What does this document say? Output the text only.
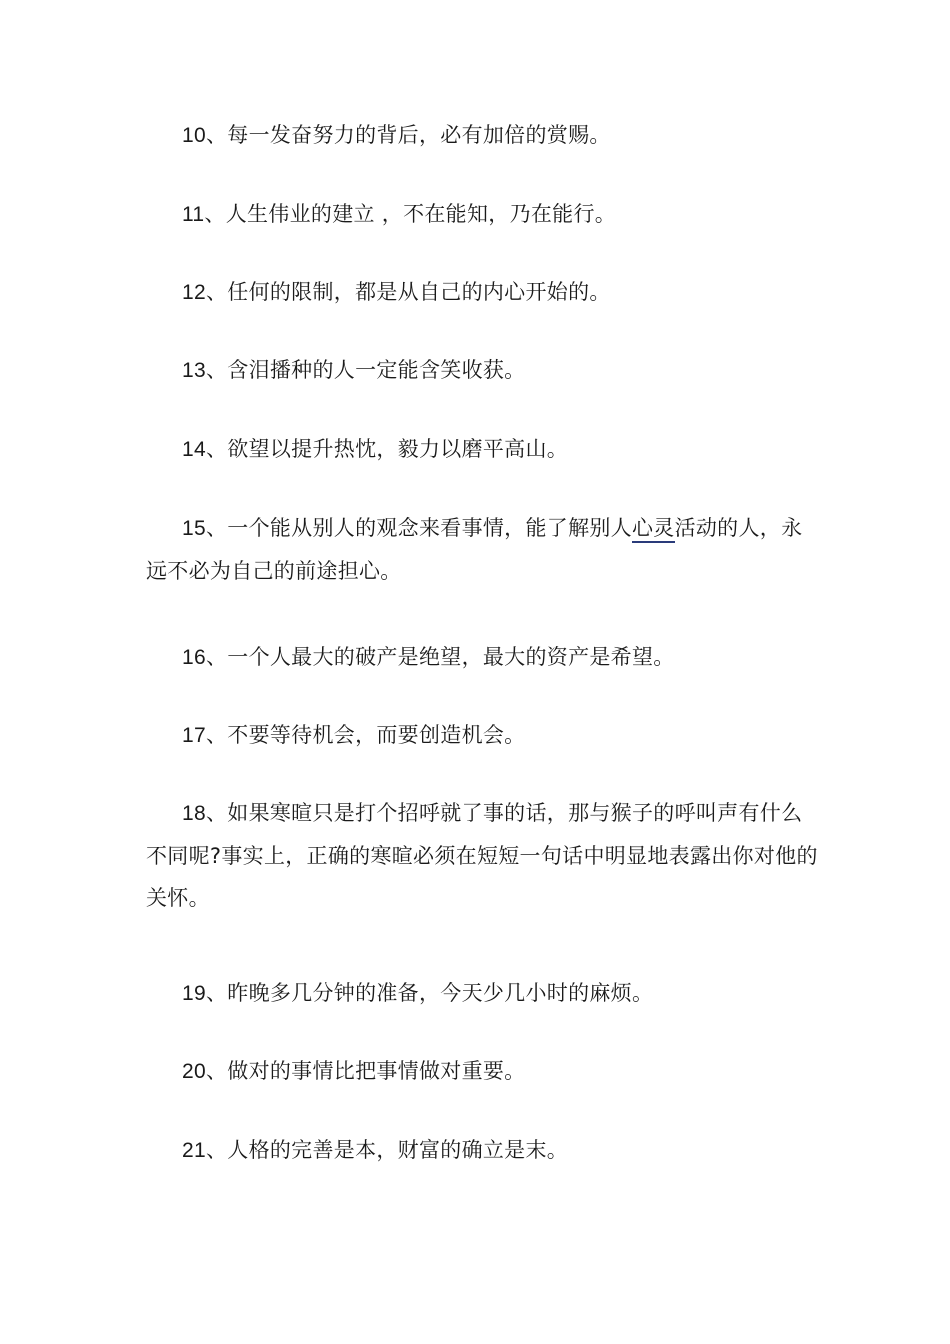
10、每一发奋努力的背后，必有加倍的赏赐。

11、人生伟业的建立 ，不在能知，乃在能行。

12、任何的限制，都是从自己的内心开始的。

13、含泪播种的人一定能含笑收获。

14、欲望以提升热忱，毅力以磨平高山。

15、一个能从别人的观念来看事情，能了解别人心灵活动的人，永远不必为自己的前途担心。

16、一个人最大的破产是绝望，最大的资产是希望。

17、不要等待机会，而要创造机会。

18、如果寒暄只是打个招呼就了事的话，那与猴子的呼叫声有什么不同呢?事实上，正确的寒暄必须在短短一句话中明显地表露出你对他的关怀。

19、昨晚多几分钟的准备，今天少几小时的麻烦。

20、做对的事情比把事情做对重要。

21、人格的完善是本，财富的确立是末。
